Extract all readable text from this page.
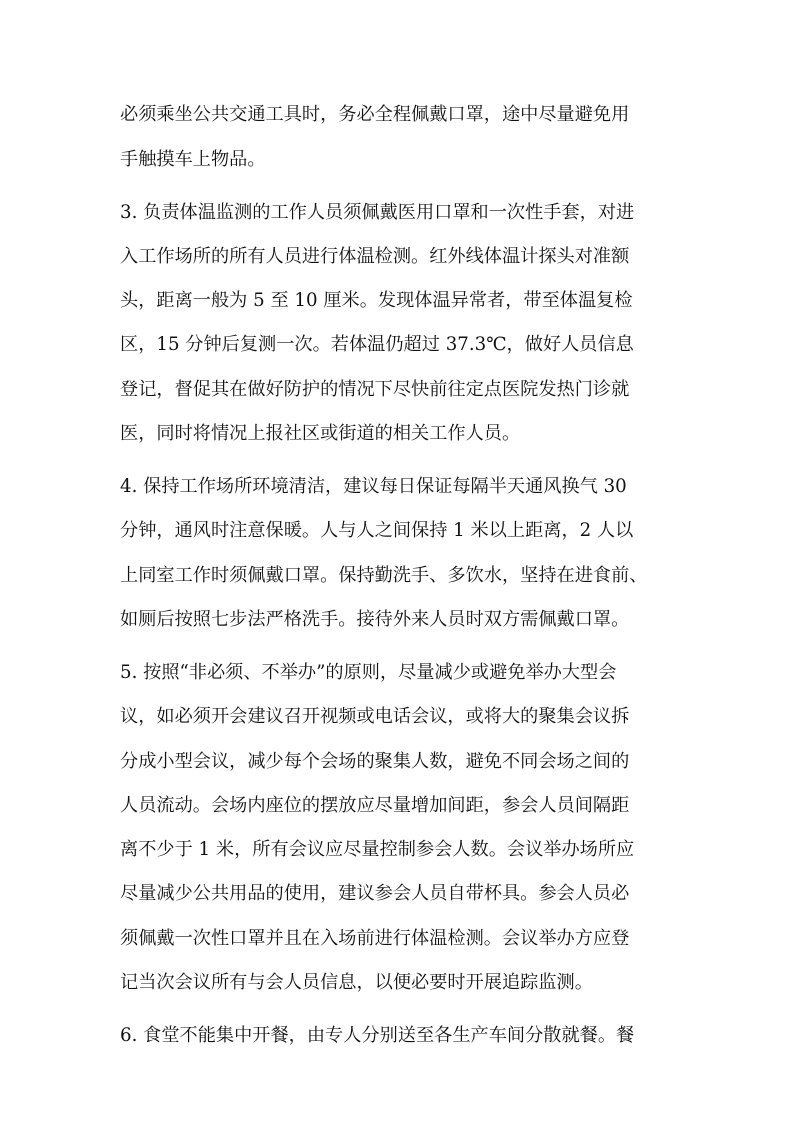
必须乘坐公共交通工具时，务必全程佩戴口罩，途中尽量避免用
手触摸车上物品。
3. 负责体温监测的工作人员须佩戴医用口罩和一次性手套，对进
入工作场所的所有人员进行体温检测。红外线体温计探头对准额
头，距离一般为 5 至 10 厘米。发现体温异常者，带至体温复检
区，15 分钟后复测一次。若体温仍超过 37.3℃，做好人员信息
登记，督促其在做好防护的情况下尽快前往定点医院发热门诊就
医，同时将情况上报社区或街道的相关工作人员。
4. 保持工作场所环境清洁，建议每日保证每隔半天通风换气 30
分钟，通风时注意保暖。人与人之间保持 1 米以上距离，2 人以
上同室工作时须佩戴口罩。保持勤洗手、多饮水，坚持在进食前、
如厕后按照七步法严格洗手。接待外来人员时双方需佩戴口罩。
5. 按照“非必须、不举办”的原则，尽量减少或避免举办大型会
议，如必须开会建议召开视频或电话会议，或将大的聚集会议拆
分成小型会议，减少每个会场的聚集人数，避免不同会场之间的
人员流动。会场内座位的摆放应尽量增加间距，参会人员间隔距
离不少于 1 米，所有会议应尽量控制参会人数。会议举办场所应
尽量减少公共用品的使用，建议参会人员自带杯具。参会人员必
须佩戴一次性口罩并且在入场前进行体温检测。会议举办方应登
记当次会议所有与会人员信息，以便必要时开展追踪监测。
6. 食堂不能集中开餐，由专人分别送至各生产车间分散就餐。餐
